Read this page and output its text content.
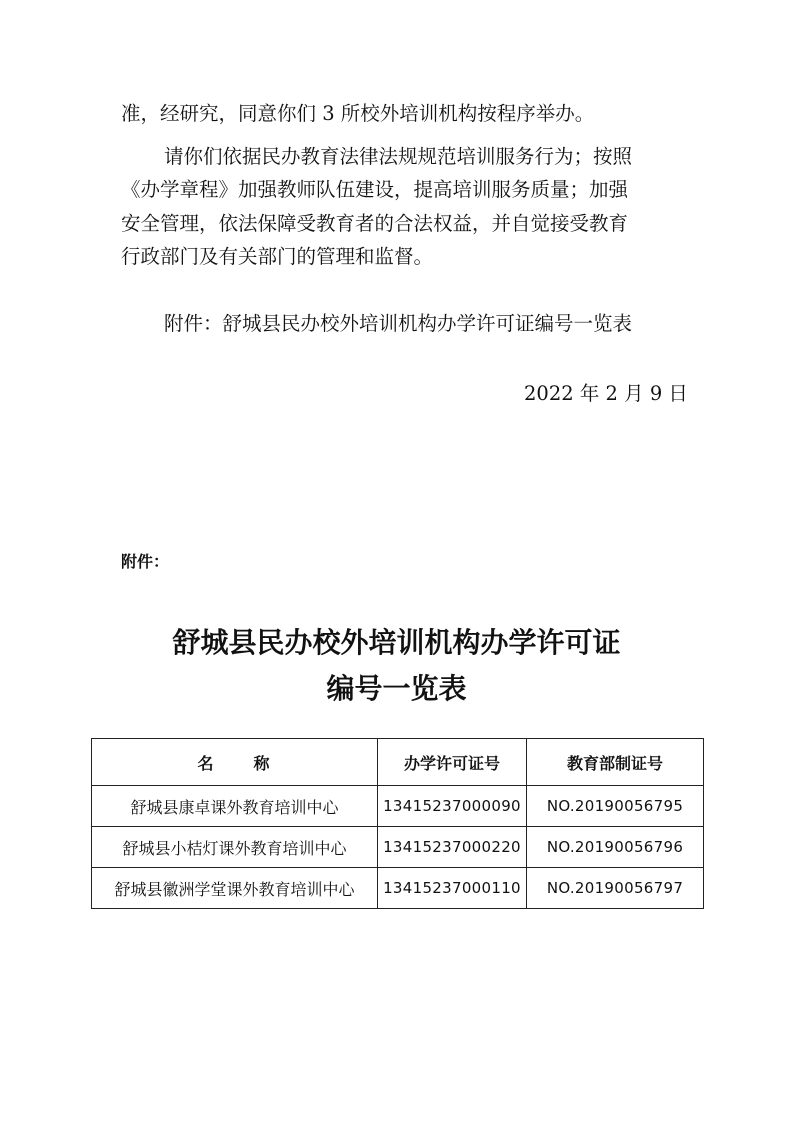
准，经研究，同意你们 3 所校外培训机构按程序举办。
请你们依据民办教育法律法规规范培训服务行为；按照
《办学章程》加强教师队伍建设，提高培训服务质量；加强
安全管理，依法保障受教育者的合法权益，并自觉接受教育
行政部门及有关部门的管理和监督。
附件：舒城县民办校外培训机构办学许可证编号一览表
2022 年 2 月 9 日
附件：
舒城县民办校外培训机构办学许可证
编号一览表
名 称	办学许可证号	教育部制证号
舒城县康卓课外教育培训中心	13415237000090	NO.20190056795
舒城县小桔灯课外教育培训中心	13415237000220	NO.20190056796
舒城县徽洲学堂课外教育培训中心	13415237000110	NO.20190056797
